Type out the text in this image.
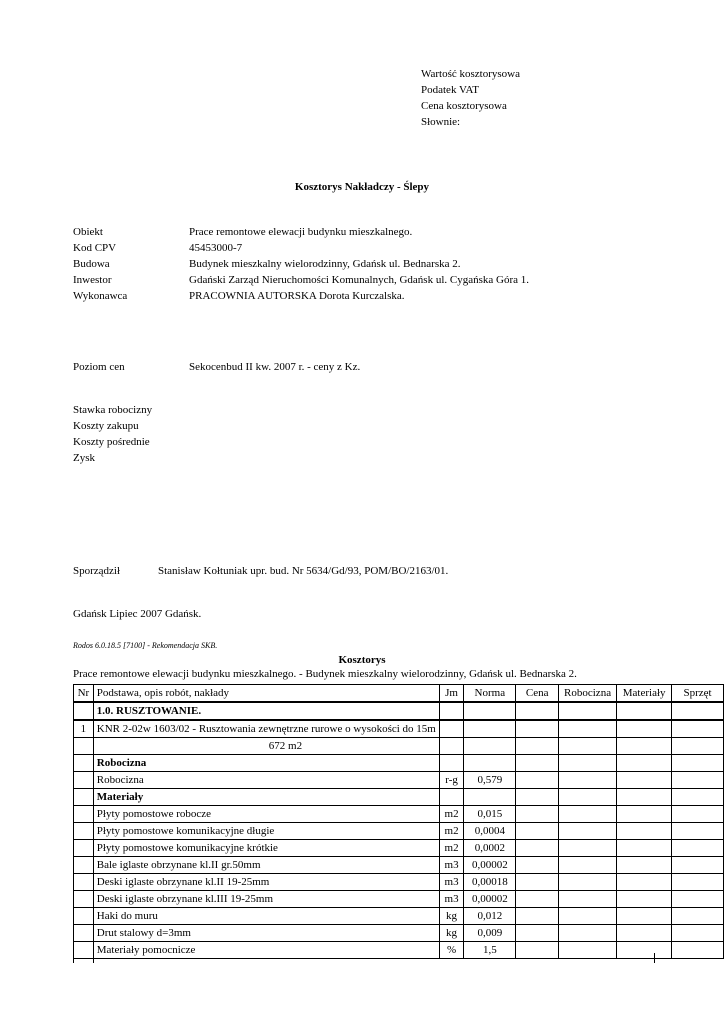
Wartość kosztorysowa
Podatek VAT
Cena kosztorysowa
Słownie:
Kosztorys Nakładczy - Ślepy
Obiekt	Prace remontowe elewacji budynku mieszkalnego.
Kod CPV	45453000-7
Budowa	Budynek mieszkalny wielorodzinny, Gdańsk ul. Bednarska 2.
Inwestor	Gdański Zarząd Nieruchomości Komunalnych, Gdańsk ul. Cygańska Góra 1.
Wykonawca	PRACOWNIA AUTORSKA Dorota Kurczalska.
Poziom cen	Sekocenbud II kw. 2007 r. - ceny z Kz.
Stawka robocizny
Koszty zakupu
Koszty pośrednie
Zysk
Sporządził	Stanisław Kołtuniak upr. bud. Nr 5634/Gd/93, POM/BO/2163/01.
Gdańsk Lipiec 2007 Gdańsk.
Rodos 6.0.18.5 [7100] - Rekomendacja SKB.
Kosztorys
Prace remontowe elewacji budynku mieszkalnego. - Budynek mieszkalny wielorodzinny, Gdańsk ul. Bednarska 2.
Nr	Podstawa, opis robót, nakłady	Jm	Norma	Cena	Robocizna	Materiały	Sprzęt
	1.0. RUSZTOWANIE.						
1	KNR 2-02w 1603/02 - Rusztowania zewnętrzne rurowe o wysokości do 15m						
	672 m2						
	Robocizna						
	Robocizna	r-g	0,579				
	Materiały						
	Płyty pomostowe robocze	m2	0,015				
	Płyty pomostowe komunikacyjne długie	m2	0,0004				
	Płyty pomostowe komunikacyjne krótkie	m2	0,0002				
	Bale iglaste obrzynane kl.II gr.50mm	m3	0,00002				
	Deski iglaste obrzynane kl.II 19-25mm	m3	0,00018				
	Deski iglaste obrzynane kl.III 19-25mm	m3	0,00002				
	Haki do muru	kg	0,012				
	Drut stalowy d=3mm	kg	0,009				
	Materiały pomocnicze	%	1,5				
